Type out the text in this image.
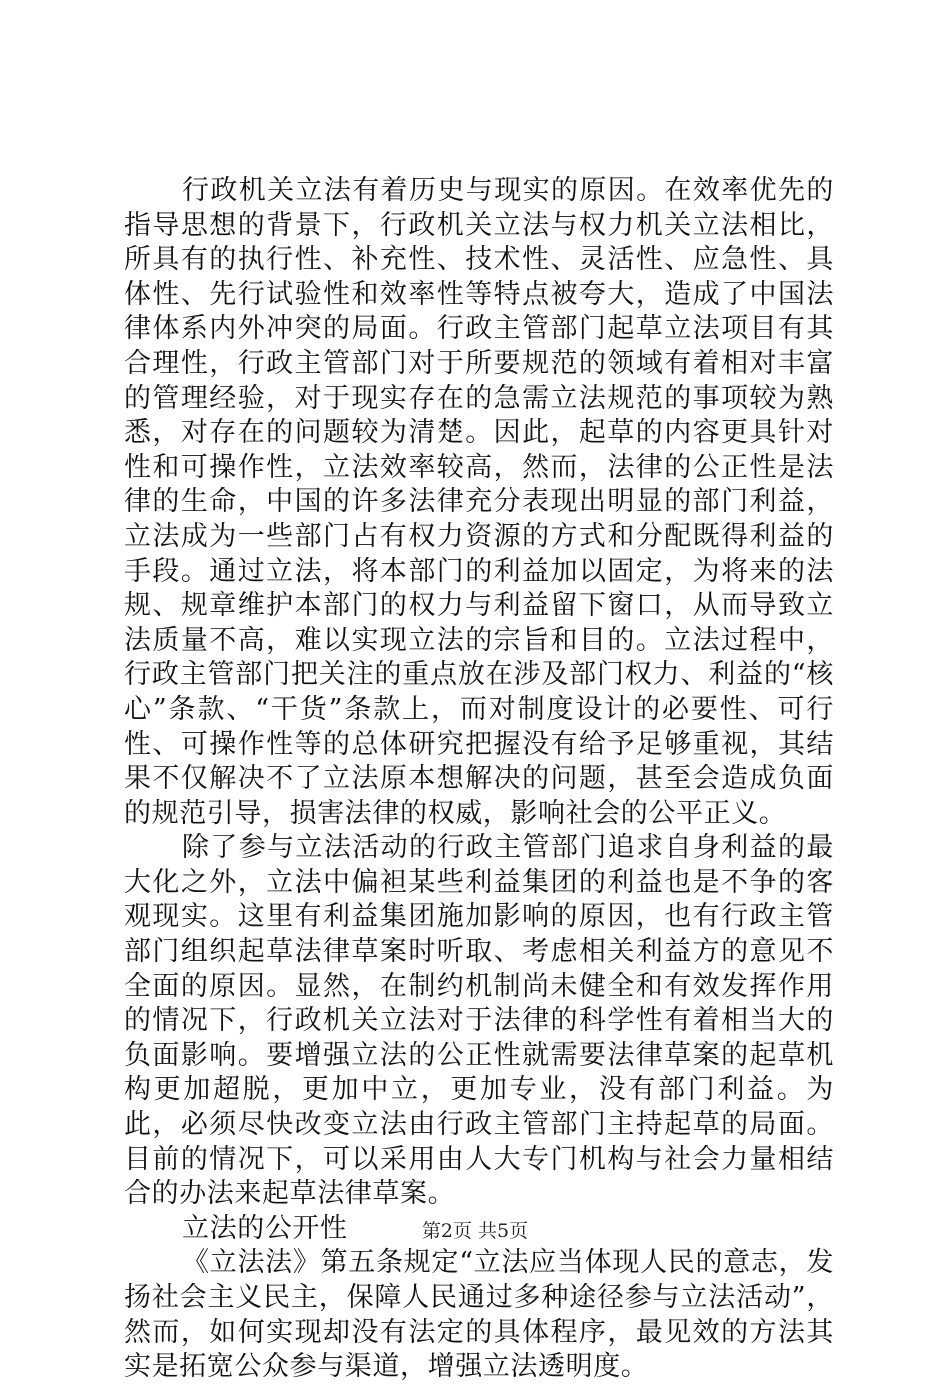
行政机关立法有着历史与现实的原因。在效率优先的指导思想的背景下，行政机关立法与权力机关立法相比，所具有的执行性、补充性、技术性、灵活性、应急性、具体性、先行试验性和效率性等特点被夸大，造成了中国法律体系内外冲突的局面。行政主管部门起草立法项目有其合理性，行政主管部门对于所要规范的领域有着相对丰富的管理经验，对于现实存在的急需立法规范的事项较为熟悉，对存在的问题较为清楚。因此，起草的内容更具针对性和可操作性，立法效率较高，然而，法律的公正性是法律的生命，中国的许多法律充分表现出明显的部门利益，立法成为一些部门占有权力资源的方式和分配既得利益的手段。通过立法，将本部门的利益加以固定，为将来的法规、规章维护本部门的权力与利益留下窗口，从而导致立法质量不高，难以实现立法的宗旨和目的。立法过程中，行政主管部门把关注的重点放在涉及部门权力、利益的“核心”条款、“干货”条款上，而对制度设计的必要性、可行性、可操作性等的总体研究把握没有给予足够重视，其结果不仅解决不了立法原本想解决的问题，甚至会造成负面的规范引导，损害法律的权威，影响社会的公平正义。

除了参与立法活动的行政主管部门追求自身利益的最大化之外，立法中偏袒某些利益集团的利益也是不争的客观现实。这里有利益集团施加影响的原因，也有行政主管部门组织起草法律草案时听取、考虑相关利益方的意见不全面的原因。显然，在制约机制尚未健全和有效发挥作用的情况下，行政机关立法对于法律的科学性有着相当大的负面影响。要增强立法的公正性就需要法律草案的起草机构更加超脱，更加中立，更加专业，没有部门利益。为此，必须尽快改变立法由行政主管部门主持起草的局面。目前的情况下，可以采用由人大专门机构与社会力量相结合的办法来起草法律草案。

立法的公开性

《立法法》第五条规定“立法应当体现人民的意志，发扬社会主义民主，保障人民通过多种途径参与立法活动”，然而，如何实现却没有法定的具体程序，最见效的方法其实是拓宽公众参与渠道，增强立法透明度。

第2页 共5页
